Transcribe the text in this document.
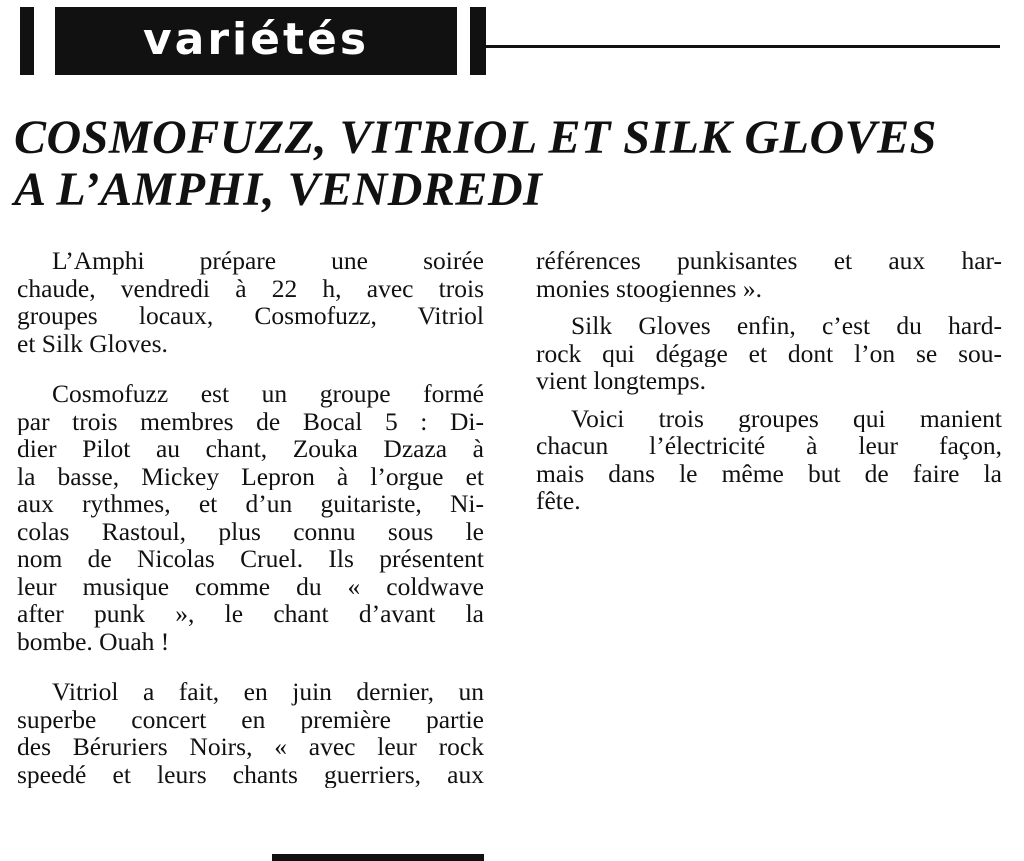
variétés
COSMOFUZZ, VITRIOL ET SILK GLOVES
A L’AMPHI, VENDREDI
L’Amphi prépare une soirée
chaude, vendredi à 22 h, avec trois
groupes locaux, Cosmofuzz, Vitriol
et Silk Gloves.
Cosmofuzz est un groupe formé
par trois membres de Bocal 5 : Di-
dier Pilot au chant, Zouka Dzaza à
la basse, Mickey Lepron à l’orgue et
aux rythmes, et d’un guitariste, Ni-
colas Rastoul, plus connu sous le
nom de Nicolas Cruel. Ils présentent
leur musique comme du « coldwave
after punk », le chant d’avant la
bombe. Ouah !
Vitriol a fait, en juin dernier, un
superbe concert en première partie
des Béruriers Noirs, « avec leur rock
speedé et leurs chants guerriers, aux
références punkisantes et aux har-
monies stoogiennes ».
Silk Gloves enfin, c’est du hard-
rock qui dégage et dont l’on se sou-
vient longtemps.
Voici trois groupes qui manient
chacun l’électricité à leur façon,
mais dans le même but de faire la
fête.
